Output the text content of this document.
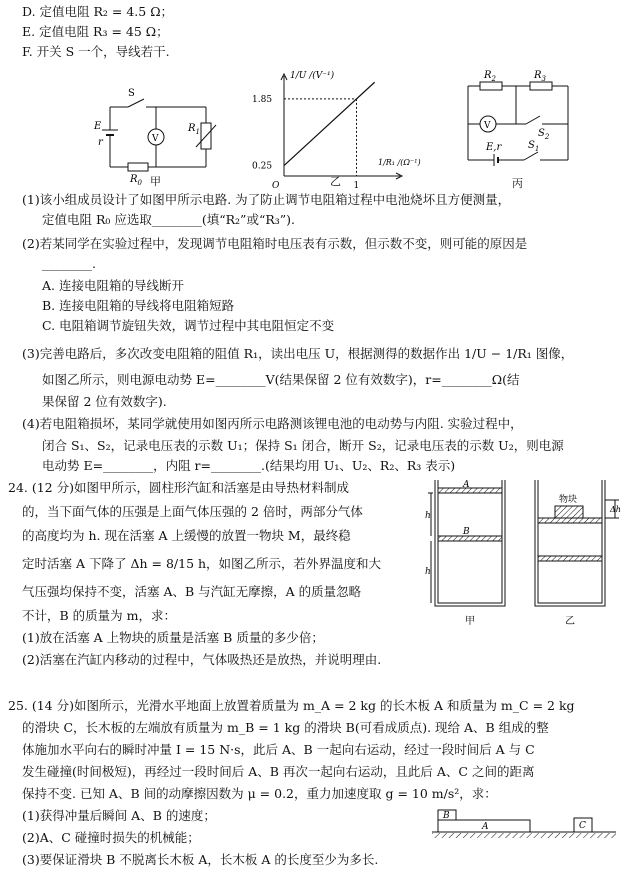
D. 定值电阻 R₂ = 4.5 Ω；
E. 定值电阻 R₃ = 45 Ω；
F. 开关 S 一个，导线若干.
S
E
r	V
$R_1$
$R_0$ 甲
1/U /(V⁻¹)
1/R₁ /(Ω⁻¹)
O
1.85
0.25
1
乙
$R_2$	$R_3$
V
$S_2$
E,r	$S_1$
丙
(1)该小组成员设计了如图甲所示电路. 为了防止调节电阻箱过程中电池烧坏且方便测量，
定值电阻 R₀ 应选取________(填“R₂”或“R₃”).
(2)若某同学在实验过程中，发现调节电阻箱时电压表有示数，但示数不变，则可能的原因是
________.
A. 连接电阻箱的导线断开
B. 连接电阻箱的导线将电阻箱短路
C. 电阻箱调节旋钮失效，调节过程中其电阻恒定不变
(3)完善电路后，多次改变电阻箱的阻值 R₁，读出电压 U，根据测得的数据作出 1/U − 1/R₁ 图像，
如图乙所示，则电源电动势 E=________V(结果保留 2 位有效数字)，r=________Ω(结
果保留 2 位有效数字).
(4)若电阻箱损坏，某同学就使用如图丙所示电路测该锂电池的电动势与内阻. 实验过程中，
闭合 S₁、S₂，记录电压表的示数 U₁；保持 S₁ 闭合，断开 S₂，记录电压表的示数 U₂，则电源
电动势 E=________，内阻 r=________.(结果均用 U₁、U₂、R₂、R₃ 表示)
24. (12 分)如图甲所示，圆柱形汽缸和活塞是由导热材料制成
的，当下面气体的压强是上面气体压强的 2 倍时，两部分气体
的高度均为 h. 现在活塞 A 上缓慢的放置一物块 M，最终稳
定时活塞 A 下降了 Δh = 8/15 h，如图乙所示，若外界温度和大
气压强均保持不变，活塞 A、B 与汽缸无摩擦，A 的质量忽略
不计，B 的质量为 m，求：
(1)放在活塞 A 上物块的质量是活塞 B 质量的多少倍；
(2)活塞在汽缸内移动的过程中，气体吸热还是放热，并说明理由.
A
B
h
h
物块
Δh
甲	乙
25. (14 分)如图所示，光滑水平地面上放置着质量为 m_A = 2 kg 的长木板 A 和质量为 m_C = 2 kg
的滑块 C，长木板的左端放有质量为 m_B = 1 kg 的滑块 B(可看成质点). 现给 A、B 组成的整
体施加水平向右的瞬时冲量 I = 15 N·s，此后 A、B 一起向右运动，经过一段时间后 A 与 C
发生碰撞(时间极短)，再经过一段时间后 A、B 再次一起向右运动，且此后 A、C 之间的距离
保持不变. 已知 A、B 间的动摩擦因数为 μ = 0.2，重力加速度取 g = 10 m/s²，求：
(1)获得冲量后瞬间 A、B 的速度；
(2)A、C 碰撞时损失的机械能；
(3)要保证滑块 B 不脱离长木板 A，长木板 A 的长度至少为多长.
B
A	C
